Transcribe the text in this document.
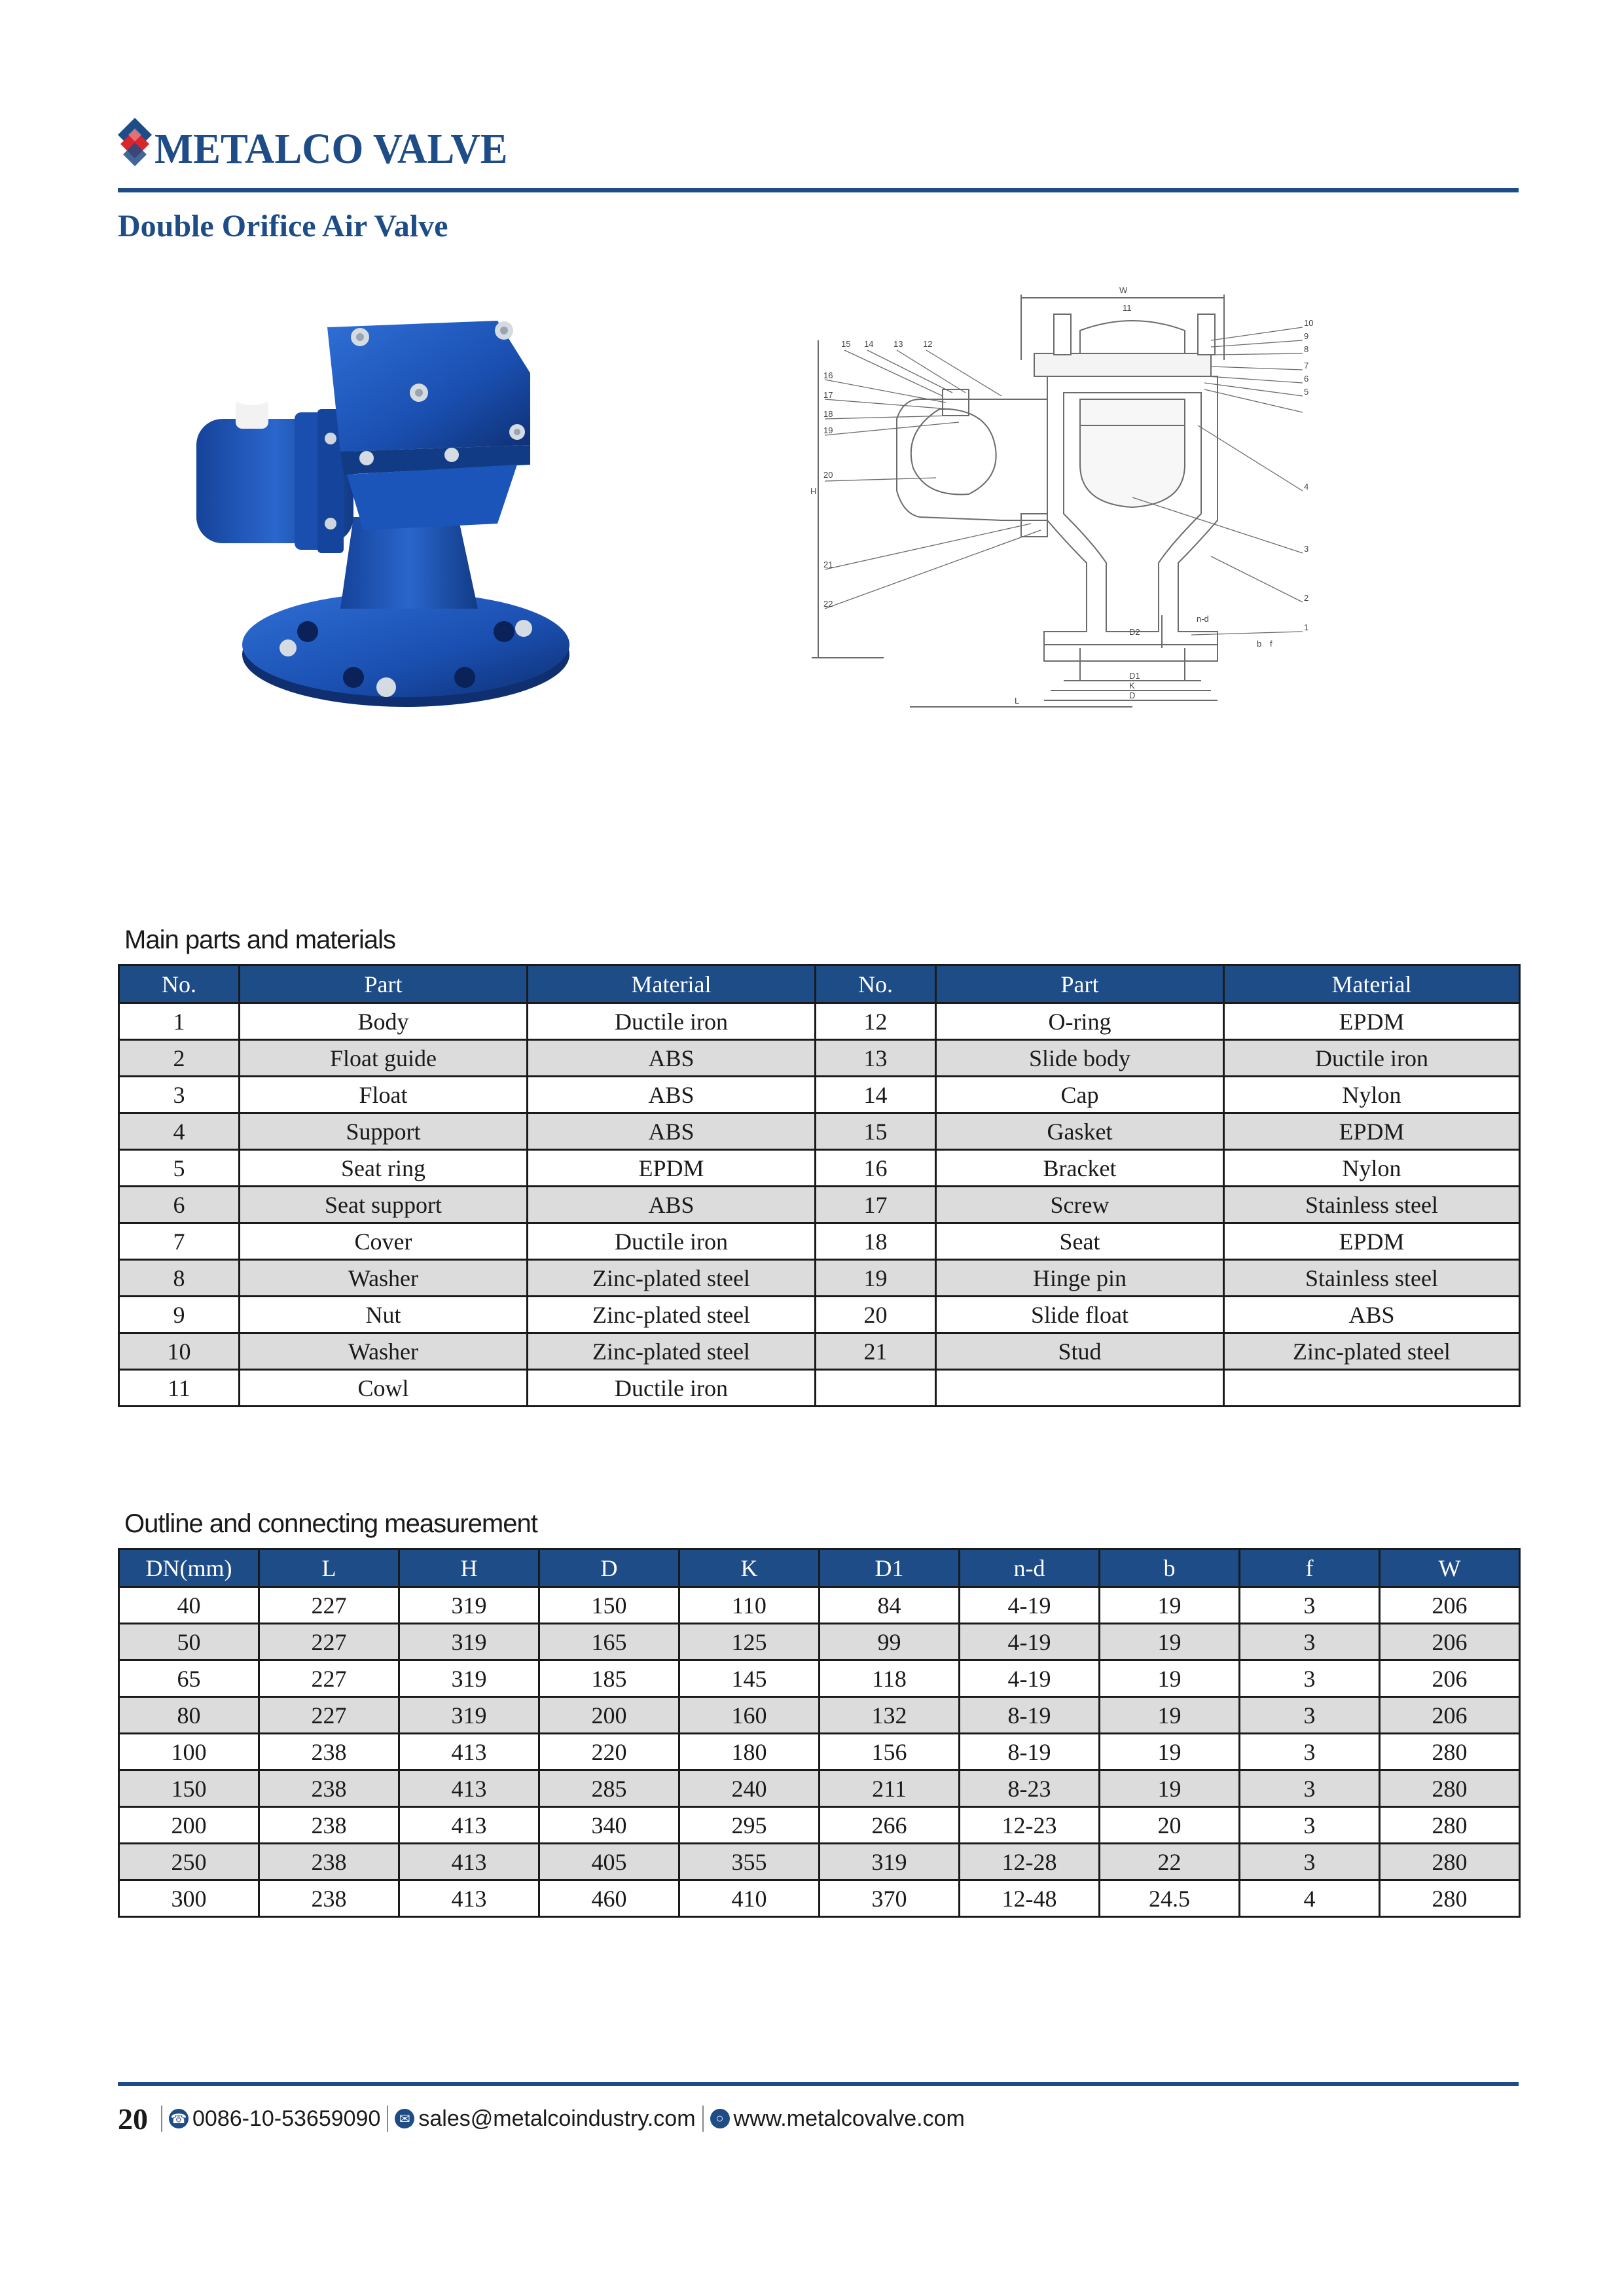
METALCO VALVE
Double Orifice Air Valve
15 14 13 12
16
17
18
19
20
21
22
10
9
8
7
6
5
4
3
2
1
W
11
H
D2
n-d
b f
D1
K
D
L
Main parts and materials
No.	Part	Material	No.	Part	Material
1	Body	Ductile iron	12	O-ring	EPDM
2	Float guide	ABS	13	Slide body	Ductile iron
3	Float	ABS	14	Cap	Nylon
4	Support	ABS	15	Gasket	EPDM
5	Seat ring	EPDM	16	Bracket	Nylon
6	Seat support	ABS	17	Screw	Stainless steel
7	Cover	Ductile iron	18	Seat	EPDM
8	Washer	Zinc-plated steel	19	Hinge pin	Stainless steel
9	Nut	Zinc-plated steel	20	Slide float	ABS
10	Washer	Zinc-plated steel	21	Stud	Zinc-plated steel
11	Cowl	Ductile iron			
Outline and connecting measurement
DN(mm)	L	H	D	K	D1	n-d	b	f	W
40	227	319	150	110	84	4-19	19	3	206
50	227	319	165	125	99	4-19	19	3	206
65	227	319	185	145	118	4-19	19	3	206
80	227	319	200	160	132	8-19	19	3	206
100	238	413	220	180	156	8-19	19	3	280
150	238	413	285	240	211	8-23	19	3	280
200	238	413	340	295	266	12-23	20	3	280
250	238	413	405	355	319	12-28	22	3	280
300	238	413	460	410	370	12-48	24.5	4	280
20 ☎ 0086-10-53659090	✉ sales@metalcoindustry.com	○ www.metalcovalve.com
